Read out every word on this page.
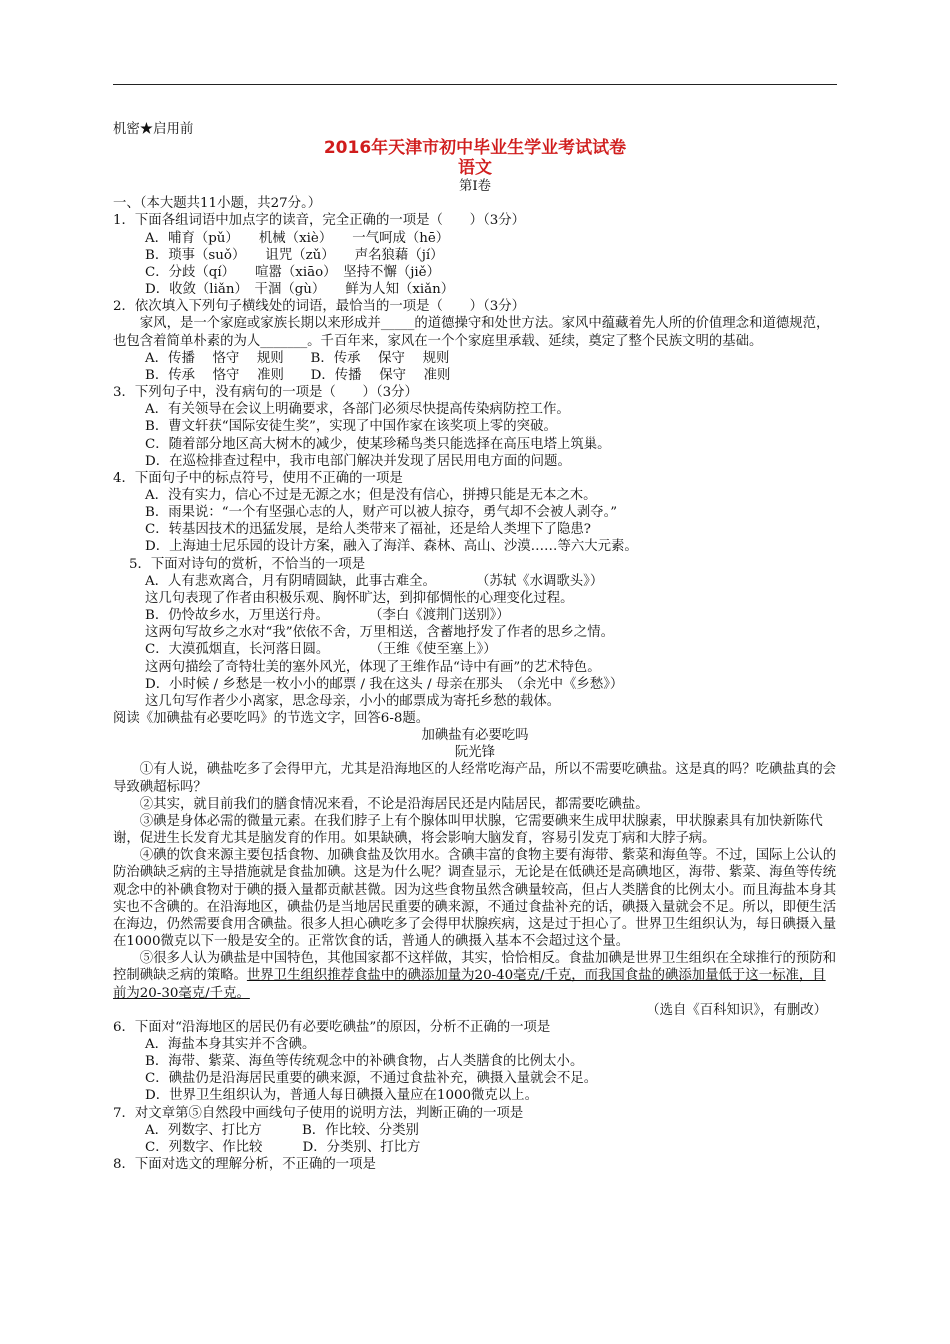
机密★启用前
2016年天津市初中毕业生学业考试试卷
语文
第Ⅰ卷
一、（本大题共11小题，共27分。）
1．下面各组词语中加点字的读音，完全正确的一项是（　　）（3分）
A．哺育（pǔ）　　机械（xiè）　　一气呵成（hē）
B．琐事（suǒ）　　诅咒（zǔ）　　声名狼藉（jí）
C．分歧（qí）　　喧嚣（xiāo）　坚持不懈（jiě）
D．收敛（liǎn）　干涸（gù）　　鲜为人知（xiǎn）
2．依次填入下列句子横线处的词语，最恰当的一项是（　　）（3分）
家风，是一个家庭或家族长期以来形成并_____的道德操守和处世方法。家风中蕴藏着先人所的价值理念和道德规范，也包含着简单朴素的为人_______。千百年来，家风在一个个家庭里承载、延续，奠定了整个民族文明的基础。
A．传播　 恪守　 规则　　B．传承　 保守　 规则
B．传承　 恪守　 准则　　D．传播　 保守　 准则
3．下列句子中，没有病句的一项是（　　）（3分）
A．有关领导在会议上明确要求，各部门必须尽快提高传染病防控工作。
B．曹文轩获“国际安徒生奖”，实现了中国作家在该奖项上零的突破。
C．随着部分地区高大树木的减少，使某珍稀鸟类只能选择在高压电塔上筑巢。
D．在巡检排查过程中，我市电部门解决并发现了居民用电方面的问题。
4．下面句子中的标点符号，使用不正确的一项是
A．没有实力，信心不过是无源之水；但是没有信心，拼搏只能是无本之木。
B．雨果说：“一个有坚强心志的人，财产可以被人掠夺，勇气却不会被人剥夺。”
C．转基因技术的迅猛发展，是给人类带来了福祉，还是给人类埋下了隐患?
D．上海迪士尼乐园的设计方案，融入了海洋、森林、高山、沙漠……等六大元素。
5．下面对诗句的赏析，不恰当的一项是
A．人有悲欢离合，月有阴晴圆缺，此事古难全。　　　　（苏轼《水调歌头》）
这几句表现了作者由积极乐观、胸怀旷达，到抑郁惆怅的心理变化过程。
B．仍怜故乡水，万里送行舟。　　　　（李白《渡荆门送别》）
这两句写故乡之水对“我”依依不舍，万里相送，含蓄地抒发了作者的思乡之情。
C．大漠孤烟直，长河落日圆。　　　　（王维《使至塞上》）
这两句描绘了奇特壮美的塞外风光，体现了王维作品“诗中有画”的艺术特色。
D．小时候 / 乡愁是一枚小小的邮票 / 我在这头 / 母亲在那头　（余光中《乡愁》）
这几句写作者少小离家，思念母亲，小小的邮票成为寄托乡愁的载体。
阅读《加碘盐有必要吃吗》的节选文字，回答6-8题。
加碘盐有必要吃吗
阮光锋
①有人说，碘盐吃多了会得甲亢，尤其是沿海地区的人经常吃海产品，所以不需要吃碘盐。这是真的吗？吃碘盐真的会导致碘超标吗？
②其实，就目前我们的膳食情况来看，不论是沿海居民还是内陆居民，都需要吃碘盐。
③碘是身体必需的微量元素。在我们脖子上有个腺体叫甲状腺，它需要碘来生成甲状腺素，甲状腺素具有加快新陈代谢，促进生长发育尤其是脑发育的作用。如果缺碘，将会影响大脑发育，容易引发克丁病和大脖子病。
④碘的饮食来源主要包括食物、加碘食盐及饮用水。含碘丰富的食物主要有海带、紫菜和海鱼等。不过，国际上公认的防治碘缺乏病的主导措施就是食盐加碘。这是为什么呢？调查显示，无论是在低碘还是高碘地区，海带、紫菜、海鱼等传统观念中的补碘食物对于碘的摄入量都贡献甚微。因为这些食物虽然含碘量较高，但占人类膳食的比例太小。而且海盐本身其实也不含碘的。在沿海地区，碘盐仍是当地居民重要的碘来源，不通过食盐补充的话，碘摄入量就会不足。所以，即便生活在海边，仍然需要食用含碘盐。很多人担心碘吃多了会得甲状腺疾病，这是过于担心了。世界卫生组织认为，每日碘摄入量在1000微克以下一般是安全的。正常饮食的话，普通人的碘摄入基本不会超过这个量。
⑤很多人认为碘盐是中国特色，其他国家都不这样做，其实，恰恰相反。食盐加碘是世界卫生组织在全球推行的预防和控制碘缺乏病的策略。世界卫生组织推荐食盐中的碘添加量为20-40毫克/千克，而我国食盐的碘添加量低于这一标准，目前为20-30毫克/千克。
（选自《百科知识》，有删改）
6．下面对“沿海地区的居民仍有必要吃碘盐”的原因，分析不正确的一项是
A．海盐本身其实并不含碘。
B．海带、紫菜、海鱼等传统观念中的补碘食物，占人类膳食的比例太小。
C．碘盐仍是沿海居民重要的碘来源，不通过食盐补充，碘摄入量就会不足。
D．世界卫生组织认为，普通人每日碘摄入量应在1000微克以上。
7．对文章第⑤自然段中画线句子使用的说明方法，判断正确的一项是
A．列数字、打比方　　　B．作比较、分类别
C．列数字、作比较　　　D．分类别、打比方
8．下面对选文的理解分析，不正确的一项是
